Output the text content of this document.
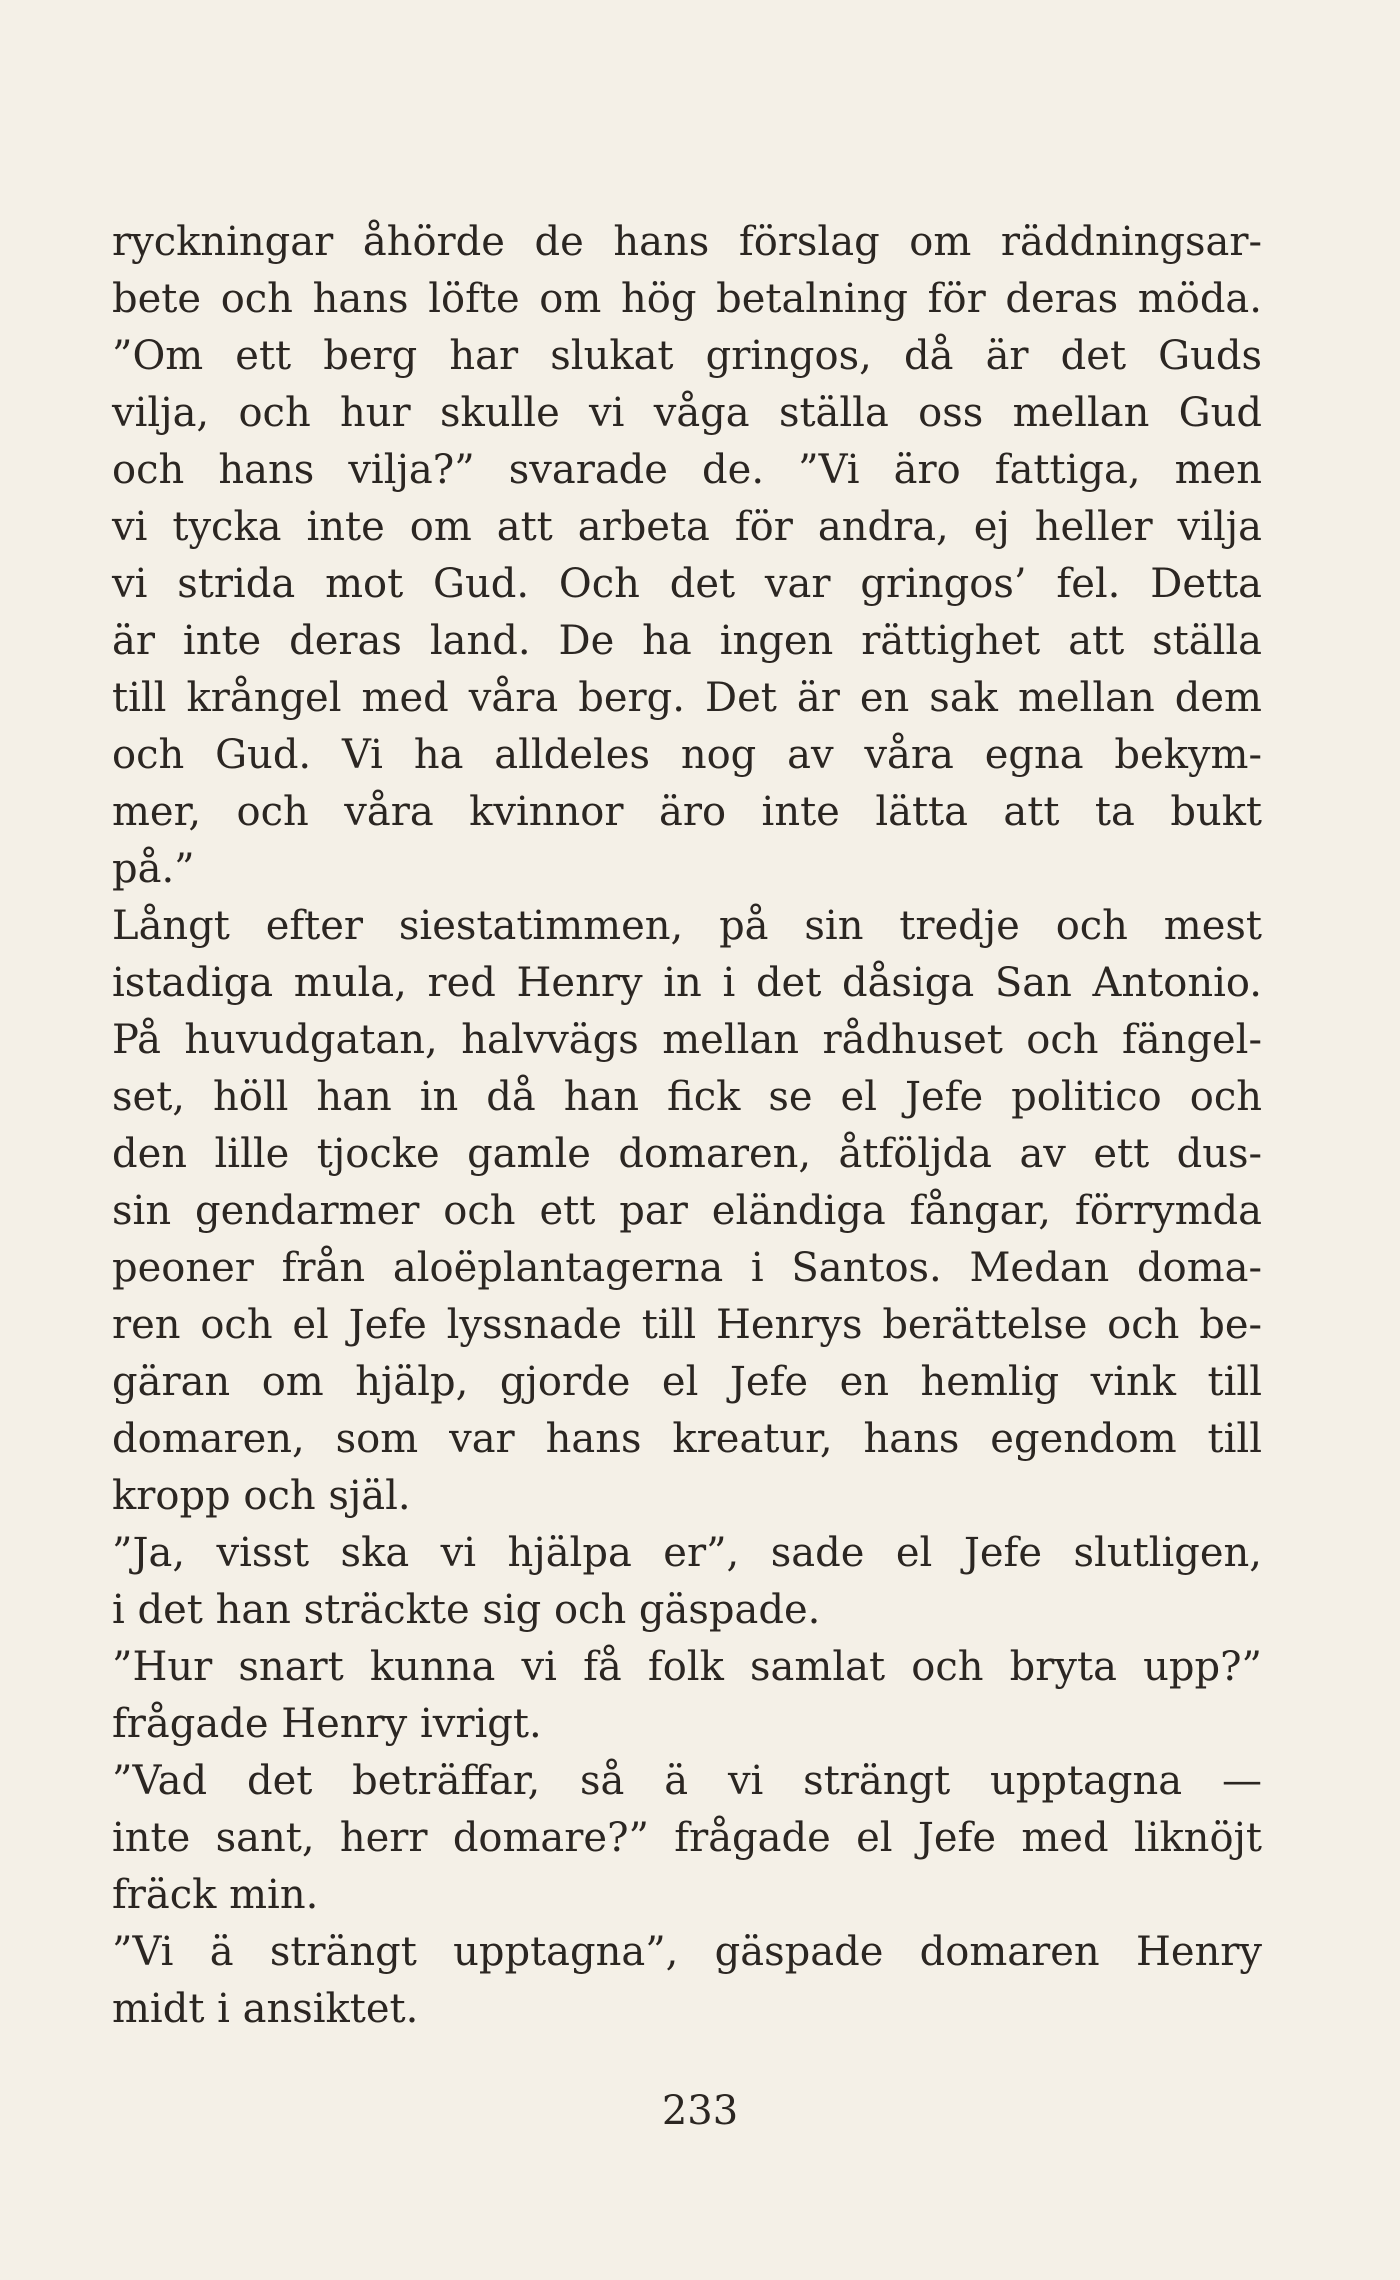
ryckningar åhörde de hans förslag om räddningsar-
bete och hans löfte om hög betalning för deras möda.
”Om ett berg har slukat gringos, då är det Guds
vilja, och hur skulle vi våga ställa oss mellan Gud
och hans vilja?” svarade de. ”Vi äro fattiga, men
vi tycka inte om att arbeta för andra, ej heller vilja
vi strida mot Gud. Och det var gringos’ fel. Detta
är inte deras land. De ha ingen rättighet att ställa
till krångel med våra berg. Det är en sak mellan dem
och Gud. Vi ha alldeles nog av våra egna bekym-
mer, och våra kvinnor äro inte lätta att ta bukt
på.”
Långt efter siestatimmen, på sin tredje och mest
istadiga mula, red Henry in i det dåsiga San Antonio.
På huvudgatan, halvvägs mellan rådhuset och fängel-
set, höll han in då han fick se el Jefe politico och
den lille tjocke gamle domaren, åtföljda av ett dus-
sin gendarmer och ett par eländiga fångar, förrymda
peoner från aloëplantagerna i Santos. Medan doma-
ren och el Jefe lyssnade till Henrys berättelse och be-
gäran om hjälp, gjorde el Jefe en hemlig vink till
domaren, som var hans kreatur, hans egendom till
kropp och själ.
”Ja, visst ska vi hjälpa er”, sade el Jefe slutligen,
i det han sträckte sig och gäspade.
”Hur snart kunna vi få folk samlat och bryta upp?”
frågade Henry ivrigt.
”Vad det beträffar, så ä vi strängt upptagna —
inte sant, herr domare?” frågade el Jefe med liknöjt
fräck min.
”Vi ä strängt upptagna”, gäspade domaren Henry
midt i ansiktet.
233
